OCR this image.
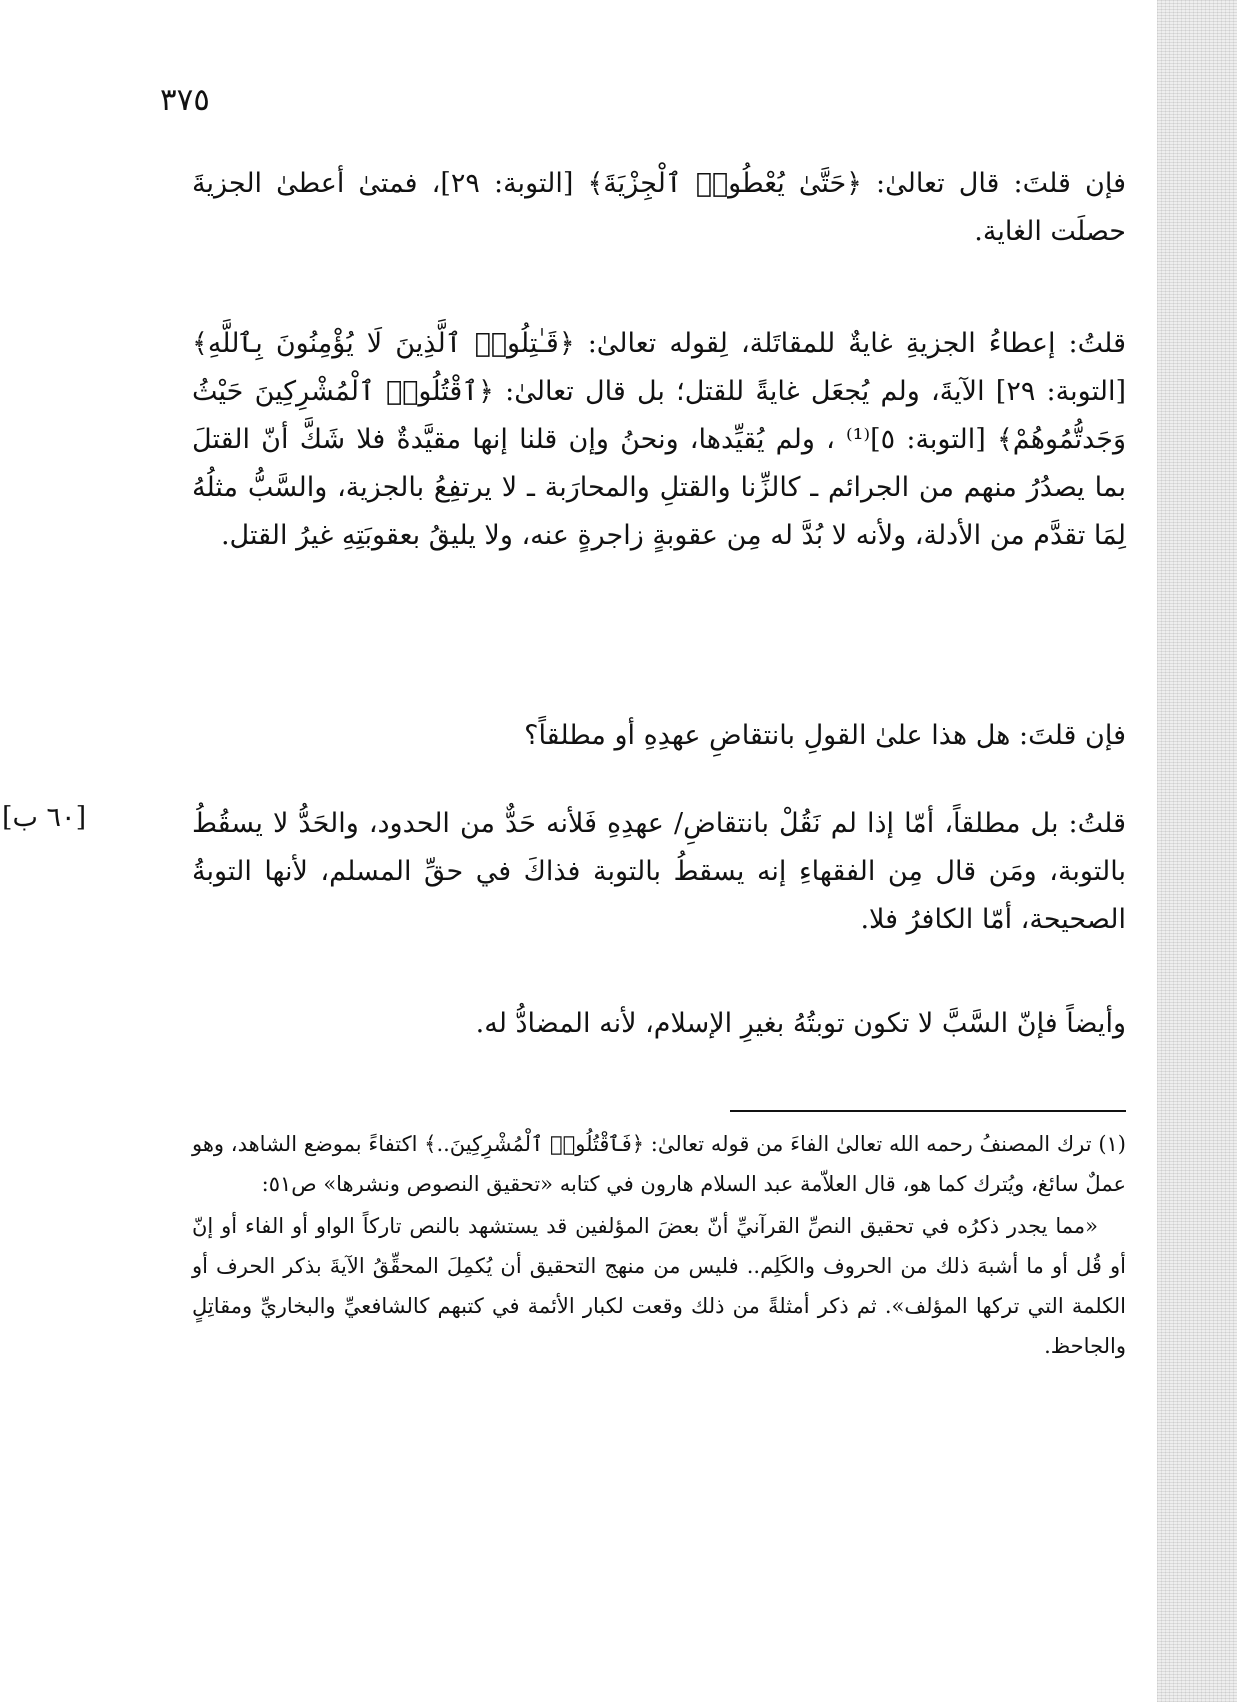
٣٧٥
[٦٠ ب]

فإن قلتَ: قال تعالىٰ: ﴿حَتَّىٰ يُعْطُوا۟ ٱلْجِزْيَةَ﴾ [التوبة: ٢٩]، فمتىٰ أعطىٰ الجزيةَ حصلَت الغاية.

قلتُ: إعطاءُ الجزيةِ غايةٌ للمقاتَلة، لِقوله تعالىٰ: ﴿قَـٰتِلُوا۟ ٱلَّذِينَ لَا يُؤْمِنُونَ بِٱللَّهِ﴾ [التوبة: ٢٩] الآيةَ، ولم يُجعَل غايةً للقتل؛ بل قال تعالىٰ: ﴿ٱقْتُلُوا۟ ٱلْمُشْرِكِينَ حَيْثُ وَجَدتُّمُوهُمْ﴾ [التوبة: ٥]⁽¹⁾ ، ولم يُقيِّدها، ونحنُ وإن قلنا إنها مقيَّدةٌ فلا شَكَّ أنّ القتلَ بما يصدُرُ منهم من الجرائم ـ كالزِّنا والقتلِ والمحارَبة ـ لا يرتفِعُ بالجزية، والسَّبُّ مثلُهُ لِمَا تقدَّم من الأدلة، ولأنه لا بُدَّ له مِن عقوبةٍ زاجرةٍ عنه، ولا يليقُ بعقوبَتِهِ غيرُ القتل.

فإن قلتَ: هل هذا علىٰ القولِ بانتقاضِ عهدِهِ أو مطلقاً؟

قلتُ: بل مطلقاً، أمّا إذا لم نَقُلْ بانتقاضِ/ عهدِهِ فَلأنه حَدٌّ من الحدود، والحَدُّ لا يسقُطُ بالتوبة، ومَن قال مِن الفقهاءِ إنه يسقطُ بالتوبة فذاكَ في حقِّ المسلم، لأنها التوبةُ الصحيحة، أمّا الكافرُ فلا.

وأيضاً فإنّ السَّبَّ لا تكون توبتُهُ بغيرِ الإسلام، لأنه المضادُّ له.

(١) ترك المصنفُ رحمه الله تعالىٰ الفاءَ من قوله تعالىٰ: ﴿فَٱقْتُلُوا۟ ٱلْمُشْرِكِينَ..﴾ اكتفاءً بموضع الشاهد، وهو عملٌ سائغ، ويُترك كما هو، قال العلاّمة عبد السلام هارون في كتابه «تحقيق النصوص ونشرها» ص٥١:

«مما يجدر ذكرُه في تحقيق النصِّ القرآنيِّ أنّ بعضَ المؤلفين قد يستشهد بالنص تاركاً الواو أو الفاء أو إنّ أو قُل أو ما أشبهَ ذلك من الحروف والكَلِم.. فليس من منهج التحقيق أن يُكمِلَ المحقِّقُ الآيةَ بذكر الحرف أو الكلمة التي تركها المؤلف». ثم ذكر أمثلةً من ذلك وقعت لكبار الأئمة في كتبهم كالشافعيِّ والبخاريِّ ومقاتِلٍ والجاحظ.
